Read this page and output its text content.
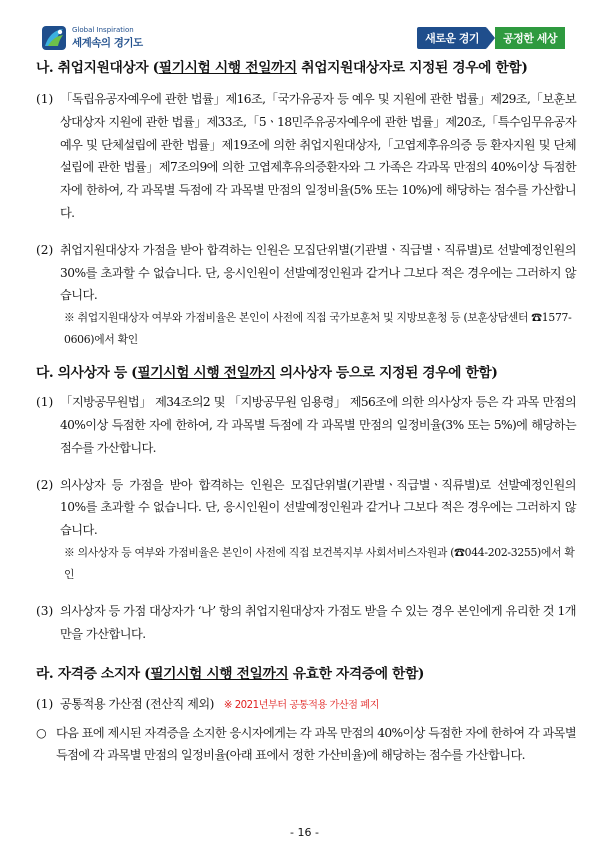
Global Inspiration
세계속의 경기도	새로운 경기	공정한 세상

나. 취업지원대상자 (필기시험 시행 전일까지 취업지원대상자로 지정된 경우에 한함)

(1) 「독립유공자예우에 관한 법률」제16조,「국가유공자 등 예우 및 지원에 관한 법률」제29조,「보훈보상대상자 지원에 관한 법률」제33조,「5ㆍ18민주유공자예우에 관한 법률」제20조,「특수임무유공자 예우 및 단체설립에 관한 법률」제19조에 의한 취업지원대상자,「고엽제후유의증 등 환자지원 및 단체설립에 관한 법률」제7조의9에 의한 고엽제후유의증환자와 그 가족은 각과목 만점의 40%이상 득점한 자에 한하여, 각 과목별 득점에 각 과목별 만점의 일정비율(5% 또는 10%)에 해당하는 점수를 가산합니다.
(2) 취업지원대상자 가점을 받아 합격하는 인원은 모집단위별(기관별ㆍ직급별ㆍ직류별)로 선발예정인원의 30%를 초과할 수 없습니다. 단, 응시인원이 선발예정인원과 같거나 그보다 적은 경우에는 그러하지 않습니다.
※ 취업지원대상자 여부와 가점비율은 본인이 사전에 직접 국가보훈처 및 지방보훈청 등 (보훈상담센터 ☎1577-0606)에서 확인

다. 의사상자 등 (필기시험 시행 전일까지 의사상자 등으로 지정된 경우에 한함)

(1) 「지방공무원법」 제34조의2 및 「지방공무원 임용령」 제56조에 의한 의사상자 등은 각 과목 만점의 40%이상 득점한 자에 한하여, 각 과목별 득점에 각 과목별 만점의 일정비율(3% 또는 5%)에 해당하는 점수를 가산합니다.
(2) 의사상자 등 가점을 받아 합격하는 인원은 모집단위별(기관별ㆍ직급별ㆍ직류별)로 선발예정인원의 10%를 초과할 수 없습니다. 단, 응시인원이 선발예정인원과 같거나 그보다 적은 경우에는 그러하지 않습니다.
※ 의사상자 등 여부와 가점비율은 본인이 사전에 직접 보건복지부 사회서비스자원과 (☎044-202-3255)에서 확인
(3) 의사상자 등 가점 대상자가 ‘나’ 항의 취업지원대상자 가점도 받을 수 있는 경우 본인에게 유리한 것 1개만을 가산합니다.

라. 자격증 소지자 (필기시험 시행 전일까지 유효한 자격증에 한함)

(1) 공통적용 가산점 (전산직 제외) ※ 2021년부터 공통적용 가산점 폐지
○ 다음 표에 제시된 자격증을 소지한 응시자에게는 각 과목 만점의 40%이상 득점한 자에 한하여 각 과목별 득점에 각 과목별 만점의 일정비율(아래 표에서 정한 가산비율)에 해당하는 점수를 가산합니다.
- 16 -
